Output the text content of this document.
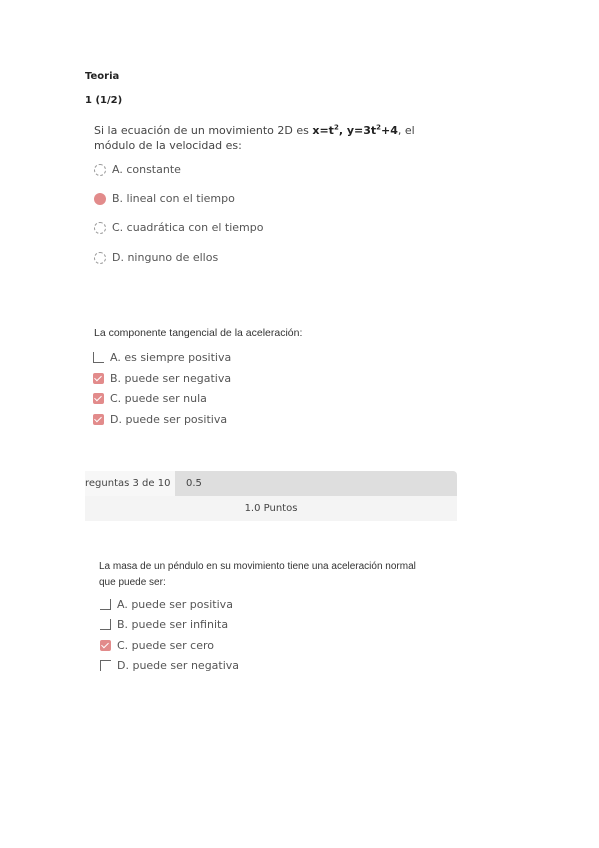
Teoria
1 (1/2)
Si la ecuación de un movimiento 2D es $x=t^2$, $y=3t^2+4$, el módulo de la velocidad es:
A. constante
B. lineal con el tiempo
C. cuadrática con el tiempo
D. ninguno de ellos
La componente tangencial de la aceleración:
A. es siempre positiva
B. puede ser negativa
C. puede ser nula
D. puede ser positiva
reguntas 3 de 10	0.5
1.0 Puntos
La masa de un péndulo en su movimiento tiene una aceleración normal que puede ser:
A. puede ser positiva
B. puede ser infinita
C. puede ser cero
D. puede ser negativa
